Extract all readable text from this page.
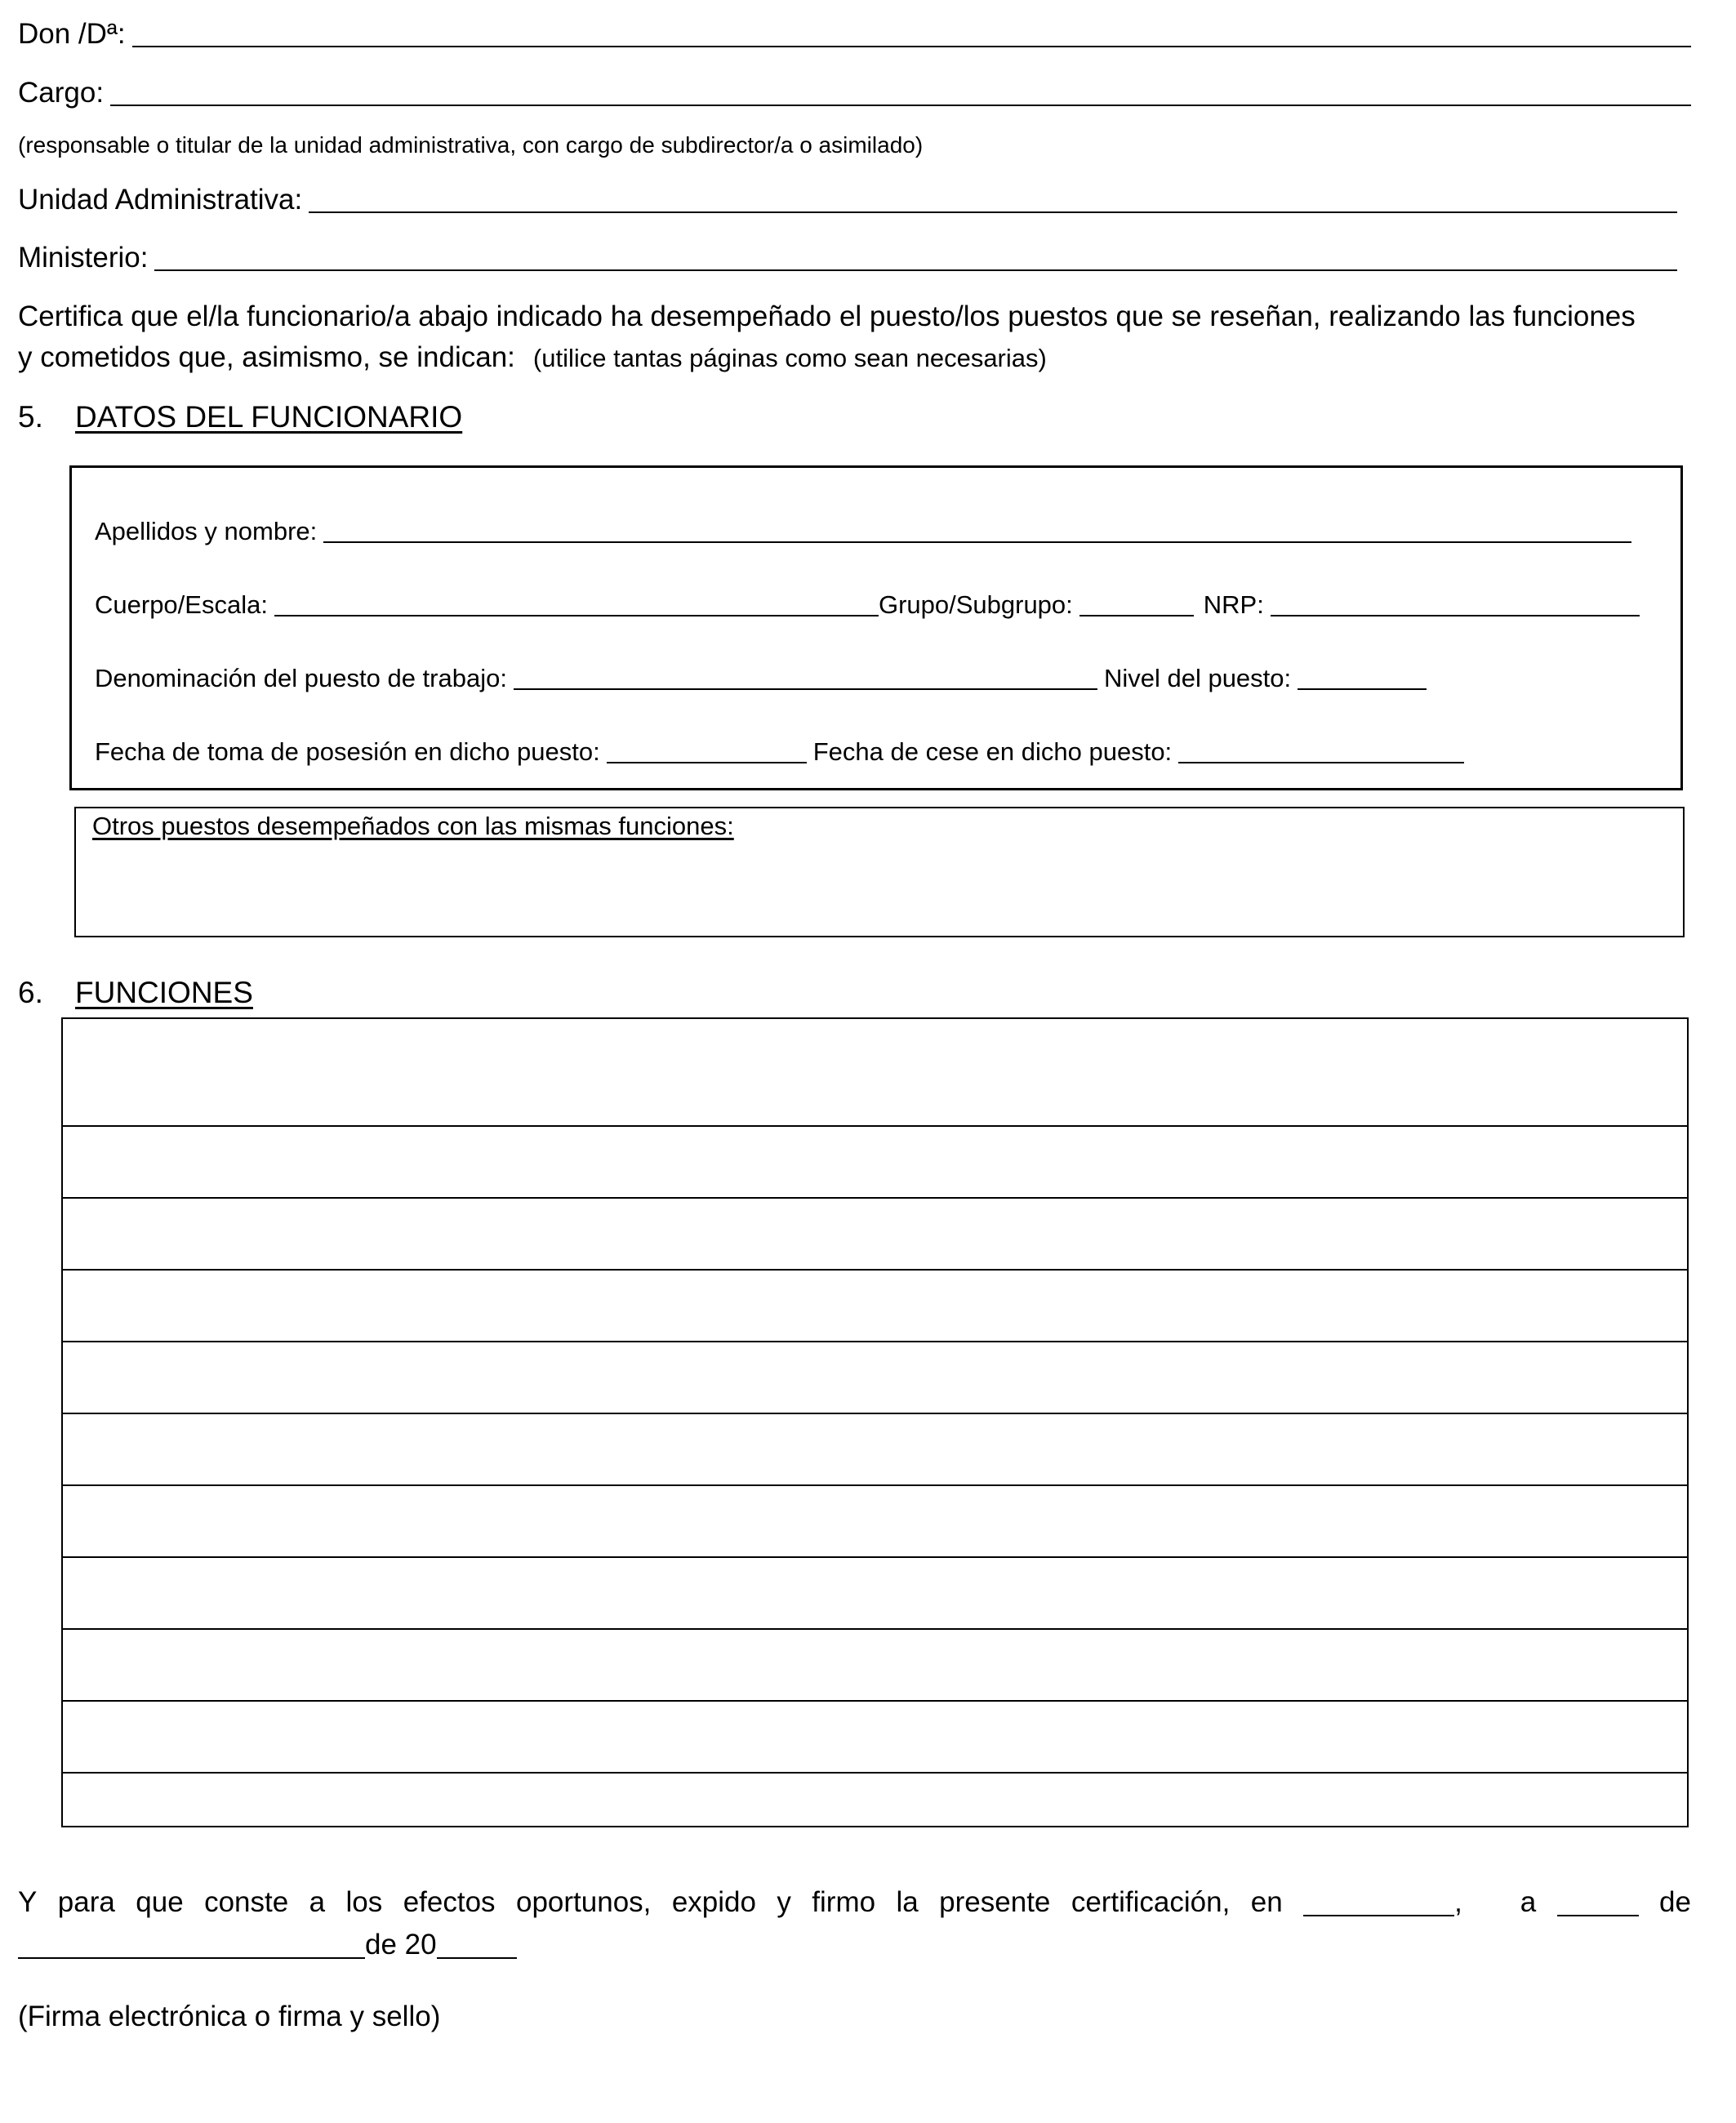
Don /Dª:
Cargo:
(responsable o titular de la unidad administrativa, con cargo de subdirector/a o asimilado)
Unidad Administrativa:
Ministerio:
Certifica que el/la funcionario/a abajo indicado ha desempeñado el puesto/los puestos que se reseñan, realizando las funciones
y cometidos que, asimismo, se indican: (utilice tantas páginas como sean necesarias)
5.	DATOS DEL FUNCIONARIO
Apellidos y nombre:
Cuerpo/Escala:	Grupo/Subgrupo:	NRP:
Denominación del puesto de trabajo:	Nivel del puesto:
Fecha de toma de posesión en dicho puesto:	Fecha de cese en dicho puesto:
Otros puestos desempeñados con las mismas funciones:
6.	FUNCIONES
Y para que conste a los efectos oportunos, expido y firmo la presente certificación, en	, a	de
de 20
(Firma electrónica o firma y sello)
